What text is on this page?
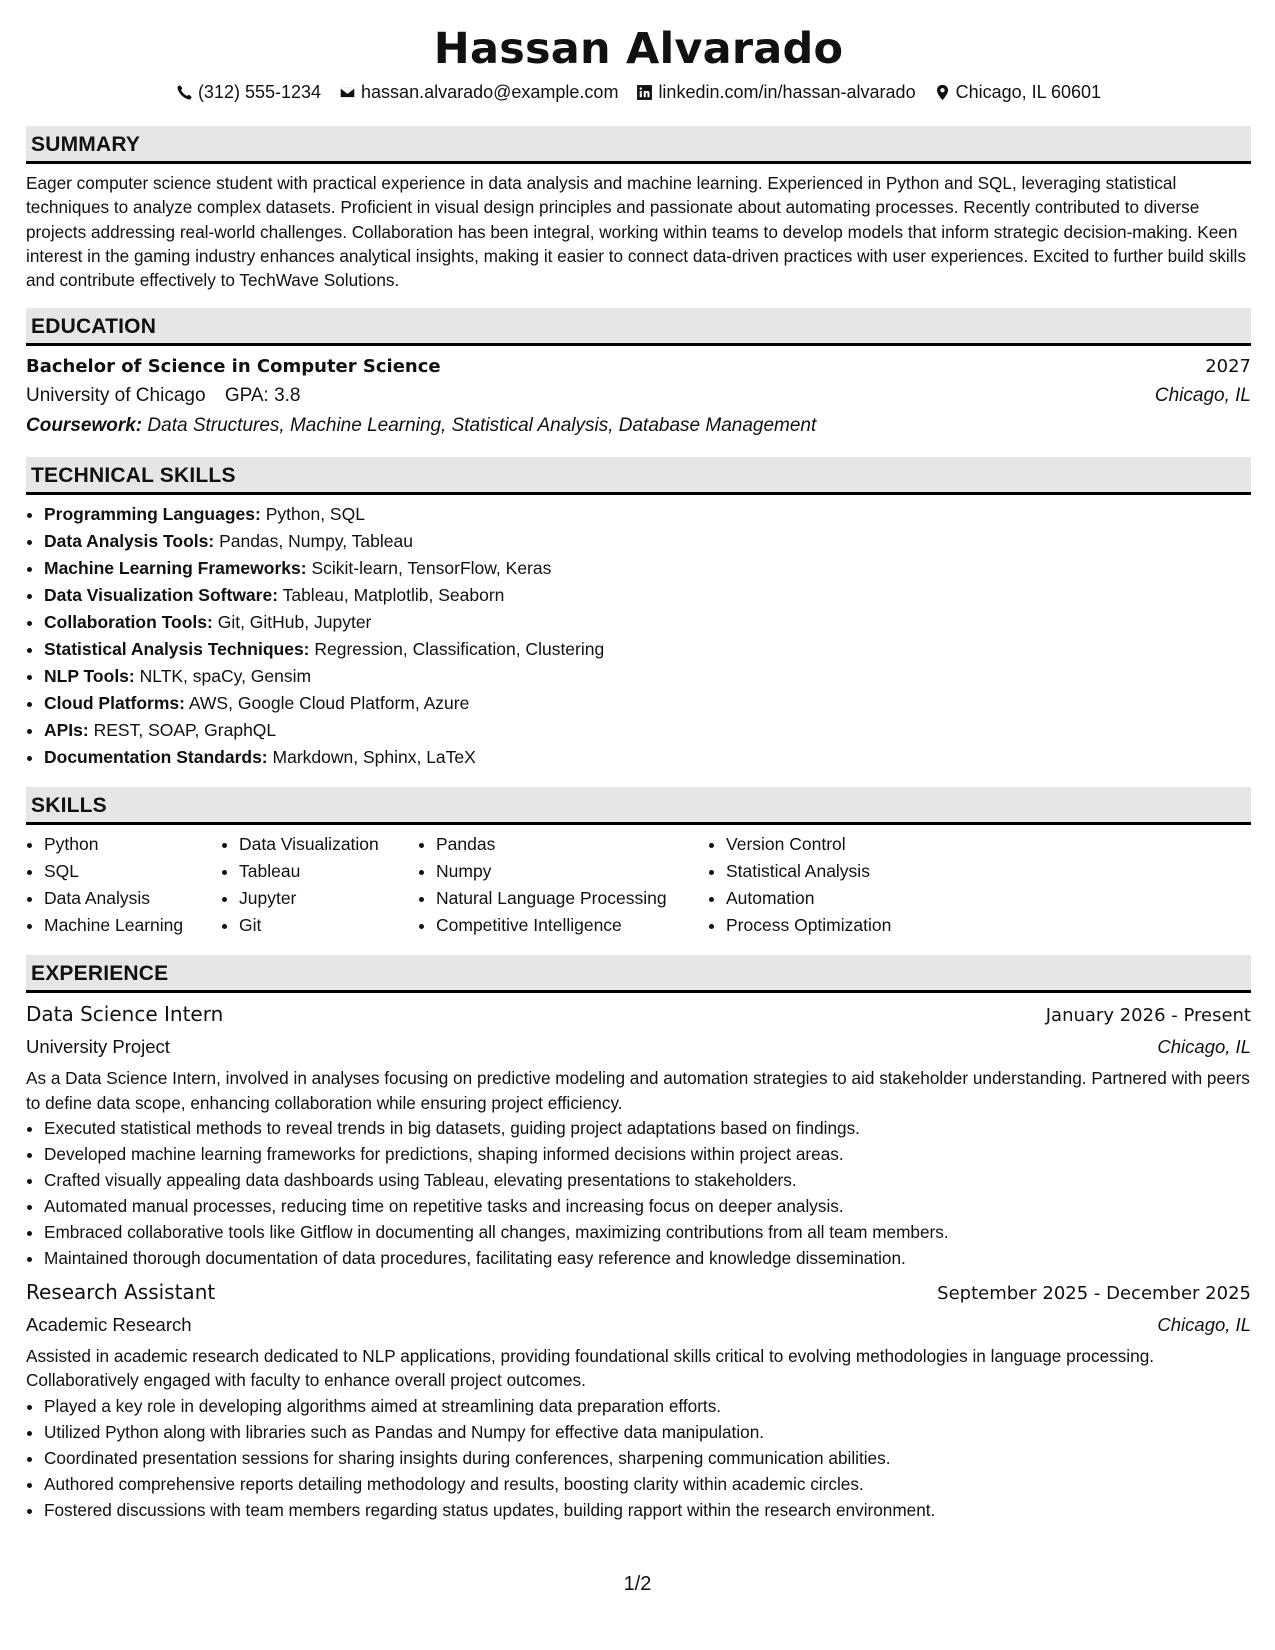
Hassan Alvarado
(312) 555-1234 hassan.alvarado@example.com linkedin.com/in/hassan-alvarado Chicago, IL 60601
SUMMARY
Eager computer science student with practical experience in data analysis and machine learning. Experienced in Python and SQL, leveraging statistical techniques to analyze complex datasets. Proficient in visual design principles and passionate about automating processes. Recently contributed to diverse projects addressing real-world challenges. Collaboration has been integral, working within teams to develop models that inform strategic decision-making. Keen interest in the gaming industry enhances analytical insights, making it easier to connect data-driven practices with user experiences. Excited to further build skills and contribute effectively to TechWave Solutions.
EDUCATION
Bachelor of Science in Computer Science	2027
University of Chicago GPA: 3.8	Chicago, IL
Coursework: Data Structures, Machine Learning, Statistical Analysis, Database Management
TECHNICAL SKILLS
• Programming Languages: Python, SQL
• Data Analysis Tools: Pandas, Numpy, Tableau
• Machine Learning Frameworks: Scikit-learn, TensorFlow, Keras
• Data Visualization Software: Tableau, Matplotlib, Seaborn
• Collaboration Tools: Git, GitHub, Jupyter
• Statistical Analysis Techniques: Regression, Classification, Clustering
• NLP Tools: NLTK, spaCy, Gensim
• Cloud Platforms: AWS, Google Cloud Platform, Azure
• APIs: REST, SOAP, GraphQL
• Documentation Standards: Markdown, Sphinx, LaTeX
SKILLS
• Python
• SQL
• Data Analysis
• Machine Learning
• Data Visualization
• Tableau
• Jupyter
• Git
• Pandas
• Numpy
• Natural Language Processing
• Competitive Intelligence
• Version Control
• Statistical Analysis
• Automation
• Process Optimization
EXPERIENCE
Data Science Intern	January 2026 - Present
University Project	Chicago, IL
As a Data Science Intern, involved in analyses focusing on predictive modeling and automation strategies to aid stakeholder understanding. Partnered with peers to define data scope, enhancing collaboration while ensuring project efficiency.
• Executed statistical methods to reveal trends in big datasets, guiding project adaptations based on findings.
• Developed machine learning frameworks for predictions, shaping informed decisions within project areas.
• Crafted visually appealing data dashboards using Tableau, elevating presentations to stakeholders.
• Automated manual processes, reducing time on repetitive tasks and increasing focus on deeper analysis.
• Embraced collaborative tools like Gitflow in documenting all changes, maximizing contributions from all team members.
• Maintained thorough documentation of data procedures, facilitating easy reference and knowledge dissemination.
Research Assistant	September 2025 - December 2025
Academic Research	Chicago, IL
Assisted in academic research dedicated to NLP applications, providing foundational skills critical to evolving methodologies in language processing. Collaboratively engaged with faculty to enhance overall project outcomes.
• Played a key role in developing algorithms aimed at streamlining data preparation efforts.
• Utilized Python along with libraries such as Pandas and Numpy for effective data manipulation.
• Coordinated presentation sessions for sharing insights during conferences, sharpening communication abilities.
• Authored comprehensive reports detailing methodology and results, boosting clarity within academic circles.
• Fostered discussions with team members regarding status updates, building rapport within the research environment.
1/2
